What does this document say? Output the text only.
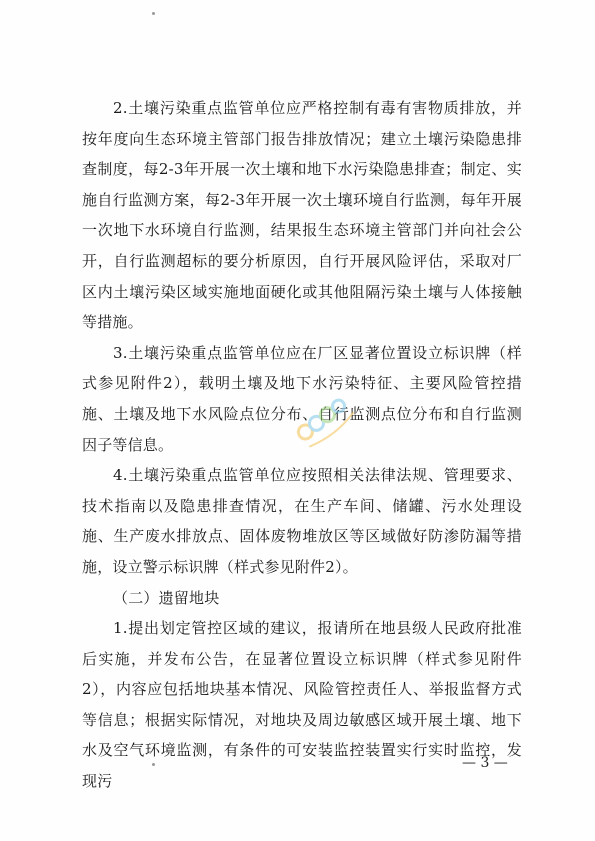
2.土壤污染重点监管单位应严格控制有毒有害物质排放，并按年度向生态环境主管部门报告排放情况；建立土壤污染隐患排查制度，每2-3年开展一次土壤和地下水污染隐患排查；制定、实施自行监测方案，每2-3年开展一次土壤环境自行监测，每年开展一次地下水环境自行监测，结果报生态环境主管部门并向社会公开，自行监测超标的要分析原因，自行开展风险评估，采取对厂区内土壤污染区域实施地面硬化或其他阻隔污染土壤与人体接触等措施。

3.土壤污染重点监管单位应在厂区显著位置设立标识牌（样式参见附件2），载明土壤及地下水污染特征、主要风险管控措施、土壤及地下水风险点位分布、自行监测点位分布和自行监测因子等信息。

4.土壤污染重点监管单位应按照相关法律法规、管理要求、技术指南以及隐患排查情况，在生产车间、储罐、污水处理设施、生产废水排放点、固体废物堆放区等区域做好防渗防漏等措施，设立警示标识牌（样式参见附件2）。

（二）遗留地块

1.提出划定管控区域的建议，报请所在地县级人民政府批准后实施，并发布公告，在显著位置设立标识牌（样式参见附件2），内容应包括地块基本情况、风险管控责任人、举报监督方式等信息；根据实际情况，对地块及周边敏感区域开展土壤、地下水及空气环境监测，有条件的可安装监控装置实行实时监控，发现污

— 3 —
